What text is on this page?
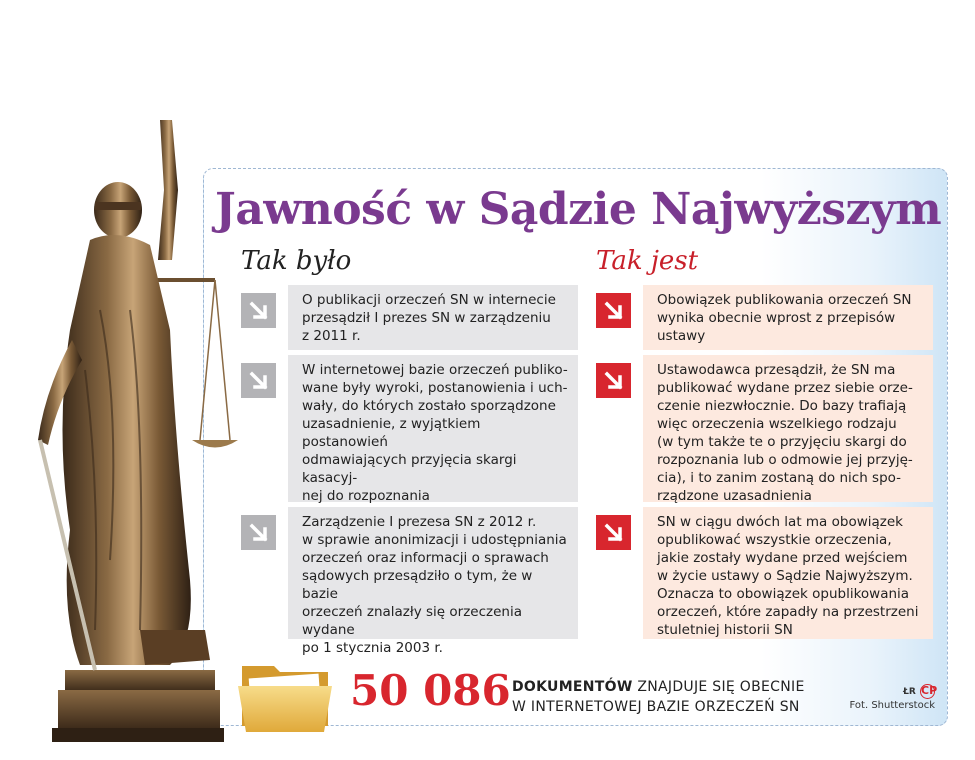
Jawność w Sądzie Najwyższym
Tak było	Tak jest
O publikacji orzeczeń SN w internecie
przesądził I prezes SN w zarządzeniu
z 2011 r.
W internetowej bazie orzeczeń publiko-
wane były wyroki, postanowienia i uch-
wały, do których zostało sporządzone
uzasadnienie, z wyjątkiem postanowień
odmawiających przyjęcia skargi kasacyj-
nej do rozpoznania
Zarządzenie I prezesa SN z 2012 r.
w sprawie anonimizacji i udostępniania
orzeczeń oraz informacji o sprawach
sądowych przesądziło o tym, że w bazie
orzeczeń znalazły się orzeczenia wydane
po 1 stycznia 2003 r.
Obowiązek publikowania orzeczeń SN
wynika obecnie wprost z przepisów
ustawy
Ustawodawca przesądził, że SN ma
publikować wydane przez siebie orze-
czenie niezwłocznie. Do bazy trafiają
więc orzeczenia wszelkiego rodzaju
(w tym także te o przyjęciu skargi do
rozpoznania lub o odmowie jej przyję-
cia), i to zanim zostaną do nich spo-
rządzone uzasadnienia
SN w ciągu dwóch lat ma obowiązek
opublikować wszystkie orzeczenia,
jakie zostały wydane przed wejściem
w życie ustawy o Sądzie Najwyższym.
Oznacza to obowiązek opublikowania
orzeczeń, które zapadły na przestrzeni
stuletniej historii SN
50 086 DOKUMENTÓW ZNAJDUJE SIĘ OBECNIE
W INTERNETOWEJ BAZIE ORZECZEŃ SN
ŁR CP
Fot. Shutterstock
